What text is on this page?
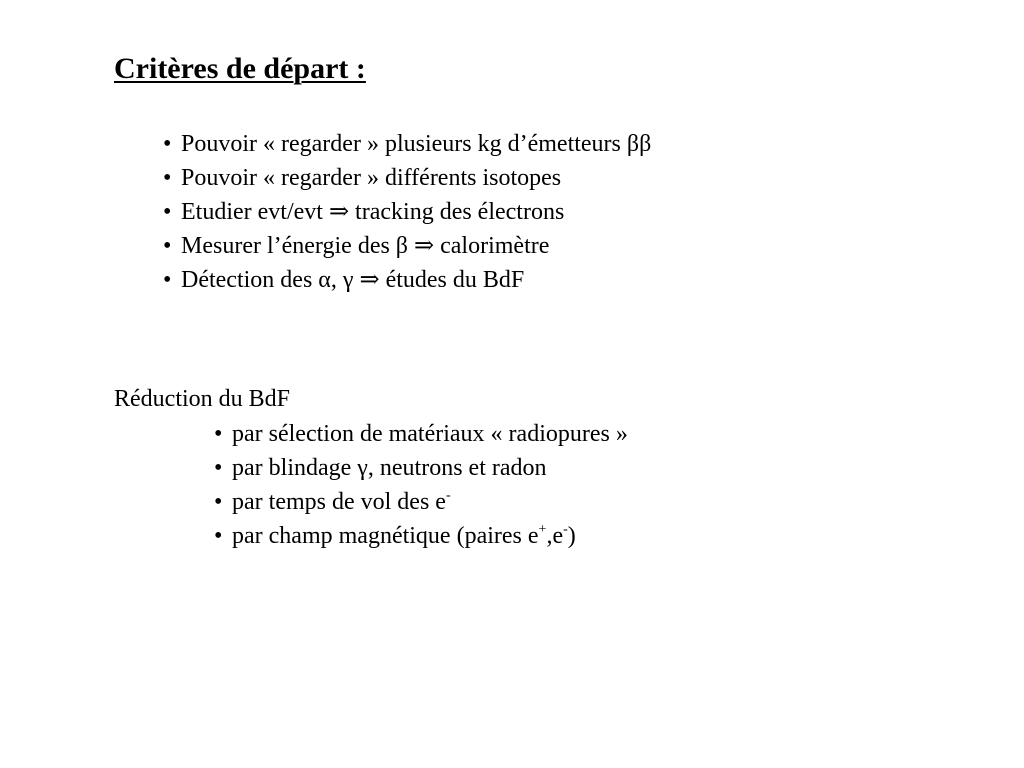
Critères de départ :
• Pouvoir « regarder » plusieurs kg d’émetteurs ββ
• Pouvoir « regarder » différents isotopes
• Etudier evt/evt ⇒ tracking des électrons
• Mesurer l’énergie des β ⇒ calorimètre
• Détection des α, γ ⇒ études du BdF

Réduction du BdF

• par sélection de matériaux « radiopures »
• par blindage γ, neutrons et radon
• par temps de vol des e-
• par champ magnétique (paires e+,e-)
